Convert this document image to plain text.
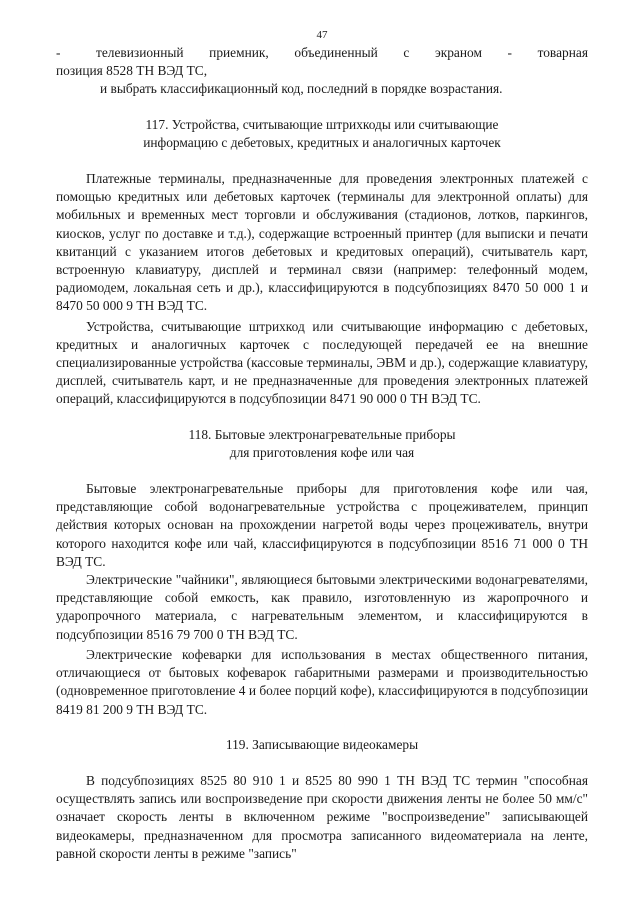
47

-	телевизионный приемник, объединенный с экраном - товарная

позиция 8528 ТН ВЭД ТС,

и выбрать классификационный код, последний в порядке возрастания.

117. Устройства, считывающие штрихкоды или считывающие
информацию с дебетовых, кредитных и аналогичных карточек

Платежные терминалы, предназначенные для проведения электронных платежей с помощью кредитных или дебетовых карточек (терминалы для электронной оплаты) для мобильных и временных мест торговли и обслуживания (стадионов, лотков, паркингов, киосков, услуг по доставке и т.д.), содержащие встроенный принтер (для выписки и печати квитанций с указанием итогов дебетовых и кредитовых операций), считыватель карт, встроенную клавиатуру, дисплей и терминал связи (например: телефонный модем, радиомодем, локальная сеть и др.), классифицируются в подсубпозициях 8470 50 000 1 и 8470 50 000 9 ТН ВЭД ТС.

Устройства, считывающие штрихкод или считывающие информацию с дебетовых, кредитных и аналогичных карточек с последующей передачей ее на внешние специализированные устройства (кассовые терминалы, ЭВМ и др.), содержащие клавиатуру, дисплей, считыватель карт, и не предназначенные для проведения электронных платежей операций, классифицируются в подсубпозиции 8471 90 000 0 ТН ВЭД ТС.

118. Бытовые электронагревательные приборы
для приготовления кофе или чая

Бытовые электронагревательные приборы для приготовления кофе или чая, представляющие собой водонагревательные устройства с процеживателем, принцип действия которых основан на прохождении нагретой воды через процеживатель, внутри которого находится кофе или чай, классифицируются в подсубпозиции 8516 71 000 0 ТН ВЭД ТС.

Электрические "чайники", являющиеся бытовыми электрическими водонагревателями, представляющие собой емкость, как правило, изготовленную из жаропрочного и ударопрочного материала, с нагревательным элементом, и классифицируются в подсубпозиции 8516 79 700 0 ТН ВЭД ТС.

Электрические кофеварки для использования в местах общественного питания, отличающиеся от бытовых кофеварок габаритными размерами и производительностью (одновременное приготовление 4 и более порций кофе), классифицируются в подсубпозиции 8419 81 200 9 ТН ВЭД ТС.

119. Записывающие видеокамеры

В подсубпозициях 8525 80 910 1 и 8525 80 990 1 ТН ВЭД ТС термин "способная осуществлять запись или воспроизведение при скорости движения ленты не более 50 мм/с" означает скорость ленты в включенном режиме "воспроизведение" записывающей видеокамеры, предназначенном для просмотра записанного видеоматериала на ленте, равной скорости ленты в режиме "запись"
